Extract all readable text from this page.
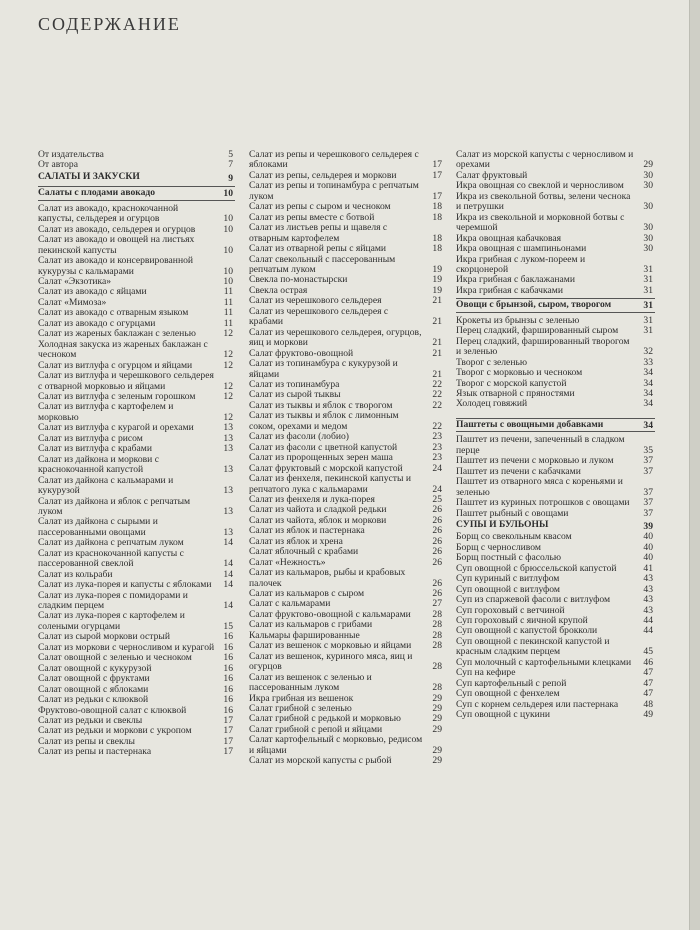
СОДЕРЖАНИЕ
От издательства	5
От автора	7
САЛАТЫ И ЗАКУСКИ	9
Салаты с плодами авокадо	10
Салат из авокадо, краснокочанной капусты, сельдерея и огурцов	10
Салат из авокадо, сельдерея и огурцов	10
Салат из авокадо и овощей на листьях пекинской капусты	10
Салат из авокадо и консервированной кукурузы с кальмарами	10
Салат «Экзотика»	10
Салат из авокадо с яйцами	11
Салат «Мимоза»	11
Салат из авокадо с отварным языком	11
Салат из авокадо с огурцами	11
Салат из жареных баклажан с зеленью	12
Холодная закуска из жареных баклажан с чесноком	12
Салат из витлуфа с огурцом и яйцами	12
Салат из витлуфа и черешкового сельдерея с отварной морковью и яйцами	12
Салат из витлуфа с зеленым горошком	12
Салат из витлуфа с картофелем и морковью	12
Салат из витлуфа с курагой и орехами	13
Салат из витлуфа с рисом	13
Салат из витлуфа с крабами	13
Салат из дайкона и моркови с краснокочанной капустой	13
Салат из дайкона с кальмарами и кукурузой	13
Салат из дайкона и яблок с репчатым луком	13
Салат из дайкона с сырыми и пассерованными овощами	13
Салат из дайкона с репчатым луком	14
Салат из краснокочанной капусты с пассерованной свеклой	14
Салат из кольраби	14
Салат из лука-порея и капусты с яблоками 14
Салат из лука-порея с помидорами и сладким перцем	14
Салат из лука-порея с картофелем и солеными огурцами	15
Салат из сырой моркови острый	16
Салат из моркови с черносливом и курагой 16
Салат овощной с зеленью и чесноком	16
Салат овощной с кукурузой	16
Салат овощной с фруктами	16
Салат овощной с яблоками	16
Салат из редьки с клюквой	16
Фруктово-овощной салат с клюквой	16
Салат из редьки и свеклы	17
Салат из редьки и моркови с укропом	17
Салат из репы и свеклы	17
Салат из репы и пастернака	17
Салат из репы и черешкового сельдерея с яблоками	17
Салат из репы, сельдерея и моркови	17
Салат из репы и топинамбура с репчатым луком	17
Салат из репы с сыром и чесноком	18
Салат из репы вместе с ботвой	18
Салат из листьев репы и щавеля с отварным картофелем	18
Салат из отварной репы с яйцами	18
Салат свекольный с пассерованным репчатым луком	19
Свекла по-монастырски	19
Свекла острая	19
Салат из черешкового сельдерея	21
Салат из черешкового сельдерея с крабами	21
Салат из черешкового сельдерея, огурцов, яиц и моркови	21
Салат фруктово-овощной	21
Салат из топинамбура с кукурузой и яйцами	21
Салат из топинамбура	22
Салат из сырой тыквы	22
Салат из тыквы и яблок с творогом	22
Салат из тыквы и яблок с лимонным соком, орехами и медом	22
Салат из фасоли (лобио)	23
Салат из фасоли с цветной капустой	23
Салат из пророщенных зерен маша	23
Салат фруктовый с морской капустой	24
Салат из фенхеля, пекинской капусты и репчатого лука с кальмарами	24
Салат из фенхеля и лука-порея	25
Салат из чайота и сладкой редьки	26
Салат из чайота, яблок и моркови	26
Салат из яблок и пастернака	26
Салат из яблок и хрена	26
Салат яблочный с крабами	26
Салат «Нежность»	26
Салат из кальмаров, рыбы и крабовых палочек	26
Салат из кальмаров с сыром	26
Салат с кальмарами	27
Салат фруктово-овощной с кальмарами 28
Салат из кальмаров с грибами	28
Кальмары фаршированные	28
Салат из вешенок с морковью и яйцами 28
Салат из вешенок, куриного мяса, яиц и огурцов	28
Салат из вешенок с зеленью и пассерованным луком	28
Икра грибная из вешенок	29
Салат грибной с зеленью	29
Салат грибной с редькой и морковью	29
Салат грибной с репой и яйцами	29
Салат картофельный с морковью, редисом и яйцами	29
Салат из морской капусты с рыбой	29
Салат из морской капусты с черносливом и орехами	29
Салат фруктовый	30
Икра овощная со свеклой и черносливом 30
Икра из свекольной ботвы, зелени чеснока и петрушки	30
Икра из свекольной и морковной ботвы с черемшой	30
Икра овощная кабачковая	30
Икра овощная с шампиньонами	30
Икра грибная с луком-пореем и скорцонерой	31
Икра грибная с баклажанами	31
Икра грибная с кабачками	31
Овощи с брынзой, сыром, творогом	31
Крокеты из брынзы с зеленью	31
Перец сладкий, фаршированный сыром	31
Перец сладкий, фаршированный творогом и зеленью	32
Творог с зеленью	33
Творог с морковью и чесноком	34
Творог с морской капустой	34
Язык отварной с пряностями	34
Холодец говяжий	34
Паштеты с овощными добавками	34
Паштет из печени, запеченный в сладком перце	35
Паштет из печени с морковью и луком	37
Паштет из печени с кабачками	37
Паштет из отварного мяса с кореньями и зеленью	37
Паштет из куриных потрошков с овощами 37
Паштет рыбный с овощами	37
СУПЫ И БУЛЬОНЫ	39
Борщ со свекольным квасом	40
Борщ с черносливом	40
Борщ постный с фасолью	40
Суп овощной с брюссельской капустой	41
Суп куриный с витлуфом	43
Суп овощной с витлуфом	43
Суп из спаржевой фасоли с витлуфом	43
Суп гороховый с ветчиной	43
Суп гороховый с яичной крупой	44
Суп овощной с капустой брокколи	44
Суп овощной с пекинской капустой и красным сладким перцем	45
Суп молочный с картофельными клецками 46
Суп на кефире	47
Суп картофельный с репой	47
Суп овощной с фенхелем	47
Суп с корнем сельдерея или пастернака	48
Суп овощной с цукини	49
